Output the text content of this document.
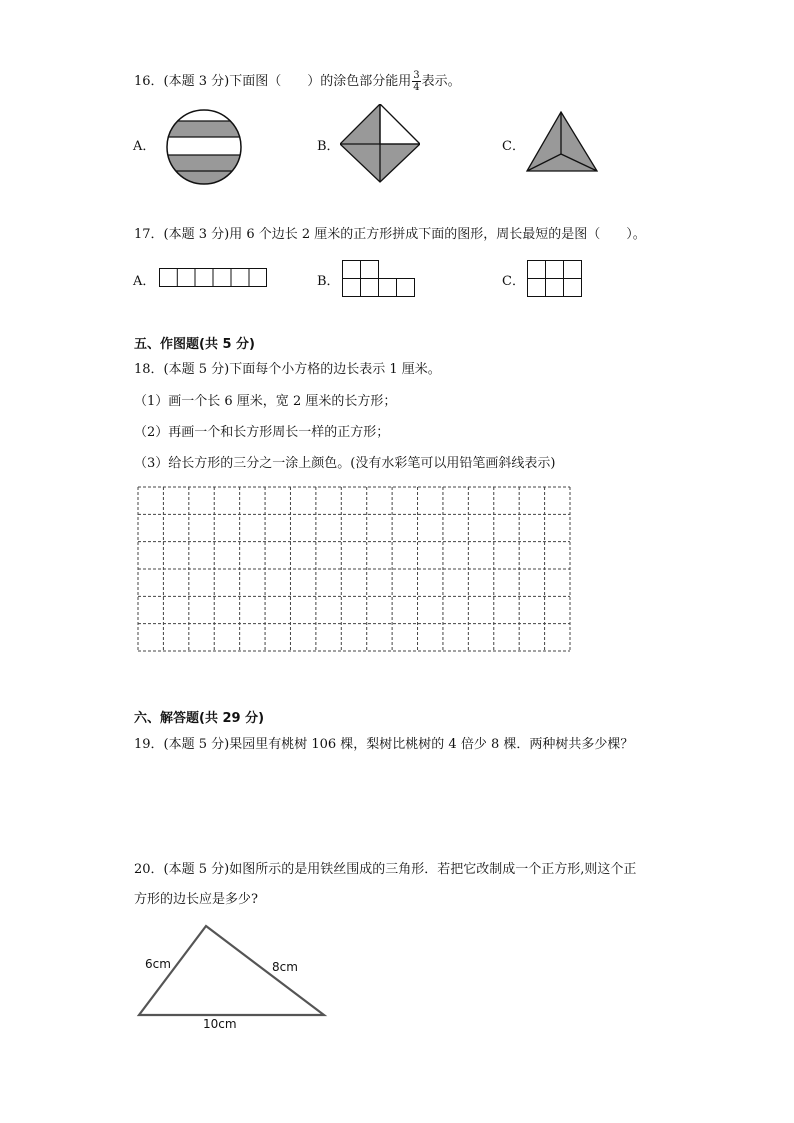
16．(本题 3 分)下面图（　　）的涂色部分能用 $\frac{3}{4}$ 表示。
A．	B．	C．
17．(本题 3 分)用 6 个边长 2 厘米的正方形拼成下面的图形，周长最短的是图（　　）。
A．	B．	C．
五、作图题(共 5 分)
18．(本题 5 分)下面每个小方格的边长表示 1 厘米。
（1）画一个长 6 厘米，宽 2 厘米的长方形；
（2）再画一个和长方形周长一样的正方形；
（3）给长方形的三分之一涂上颜色。(没有水彩笔可以用铅笔画斜线表示)
六、解答题(共 29 分)
19．(本题 5 分)果园里有桃树 106 棵，梨树比桃树的 4 倍少 8 棵．两种树共多少棵？
20．(本题 5 分)如图所示的是用铁丝围成的三角形．若把它改制成一个正方形,则这个正
方形的边长应是多少?
6cm	8cm
10cm
